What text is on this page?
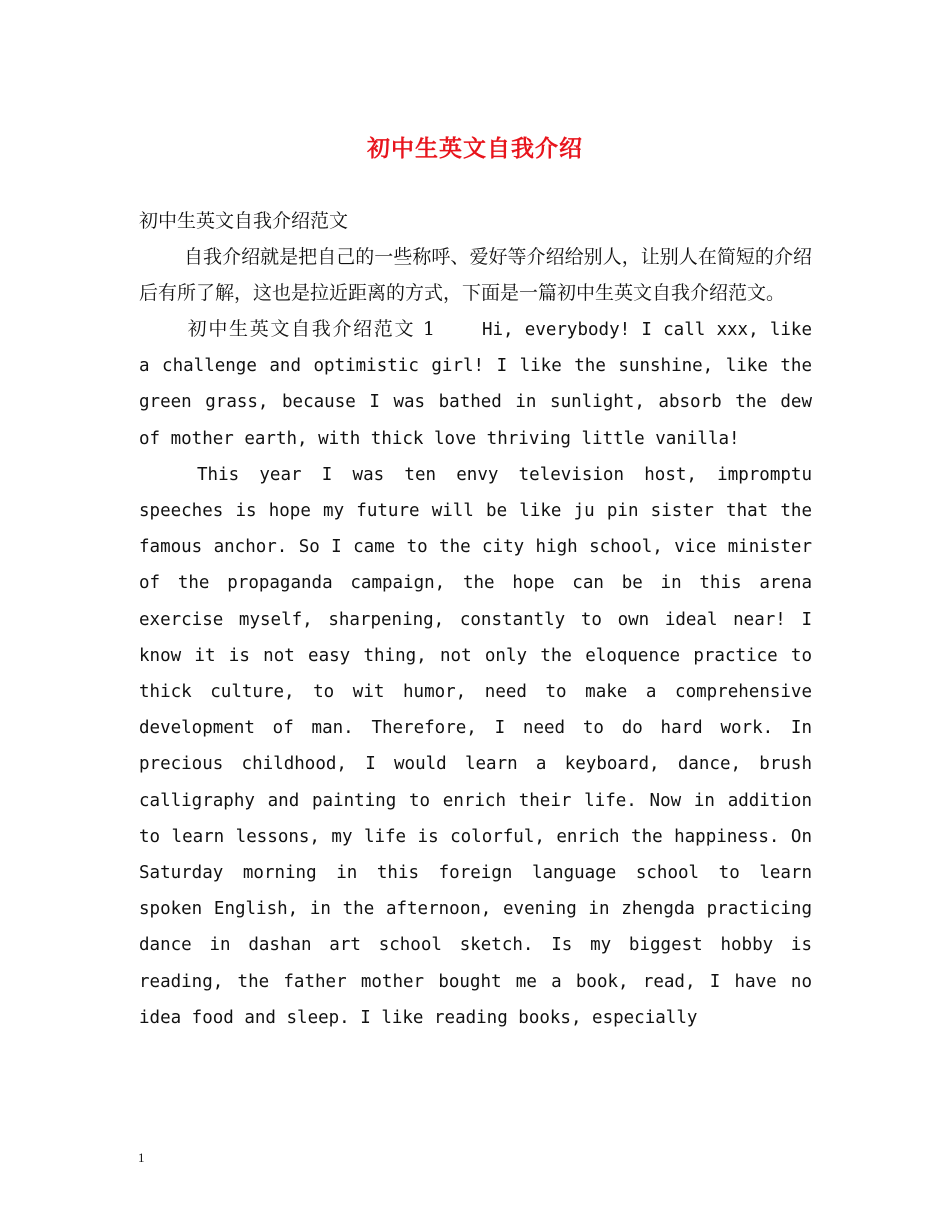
初中生英文自我介绍
初中生英文自我介绍范文
自我介绍就是把自己的一些称呼、爱好等介绍给别人，让别人在简短的介绍后有所了解，这也是拉近距离的方式，下面是一篇初中生英文自我介绍范文。
初中生英文自我介绍范文 1	Hi, everybody! I call xxx, like a challenge and optimistic girl! I like the sunshine, like the green grass, because I was bathed in sunlight, absorb the dew of mother earth, with thick love thriving little vanilla!
This year I was ten envy television host, impromptu speeches is hope my future will be like ju pin sister that the famous anchor. So I came to the city high school, vice minister of the propaganda campaign, the hope can be in this arena exercise myself, sharpening, constantly to own ideal near! I know it is not easy thing, not only the eloquence practice to thick culture, to wit humor, need to make a comprehensive development of man. Therefore, I need to do hard work. In precious childhood, I would learn a keyboard, dance, brush calligraphy and painting to enrich their life. Now in addition to learn lessons, my life is colorful, enrich the happiness. On Saturday morning in this foreign language school to learn spoken English, in the afternoon, evening in zhengda practicing dance in dashan art school sketch. Is my biggest hobby is reading, the father mother bought me a book, read, I have no idea food and sleep. I like reading books, especially
1
